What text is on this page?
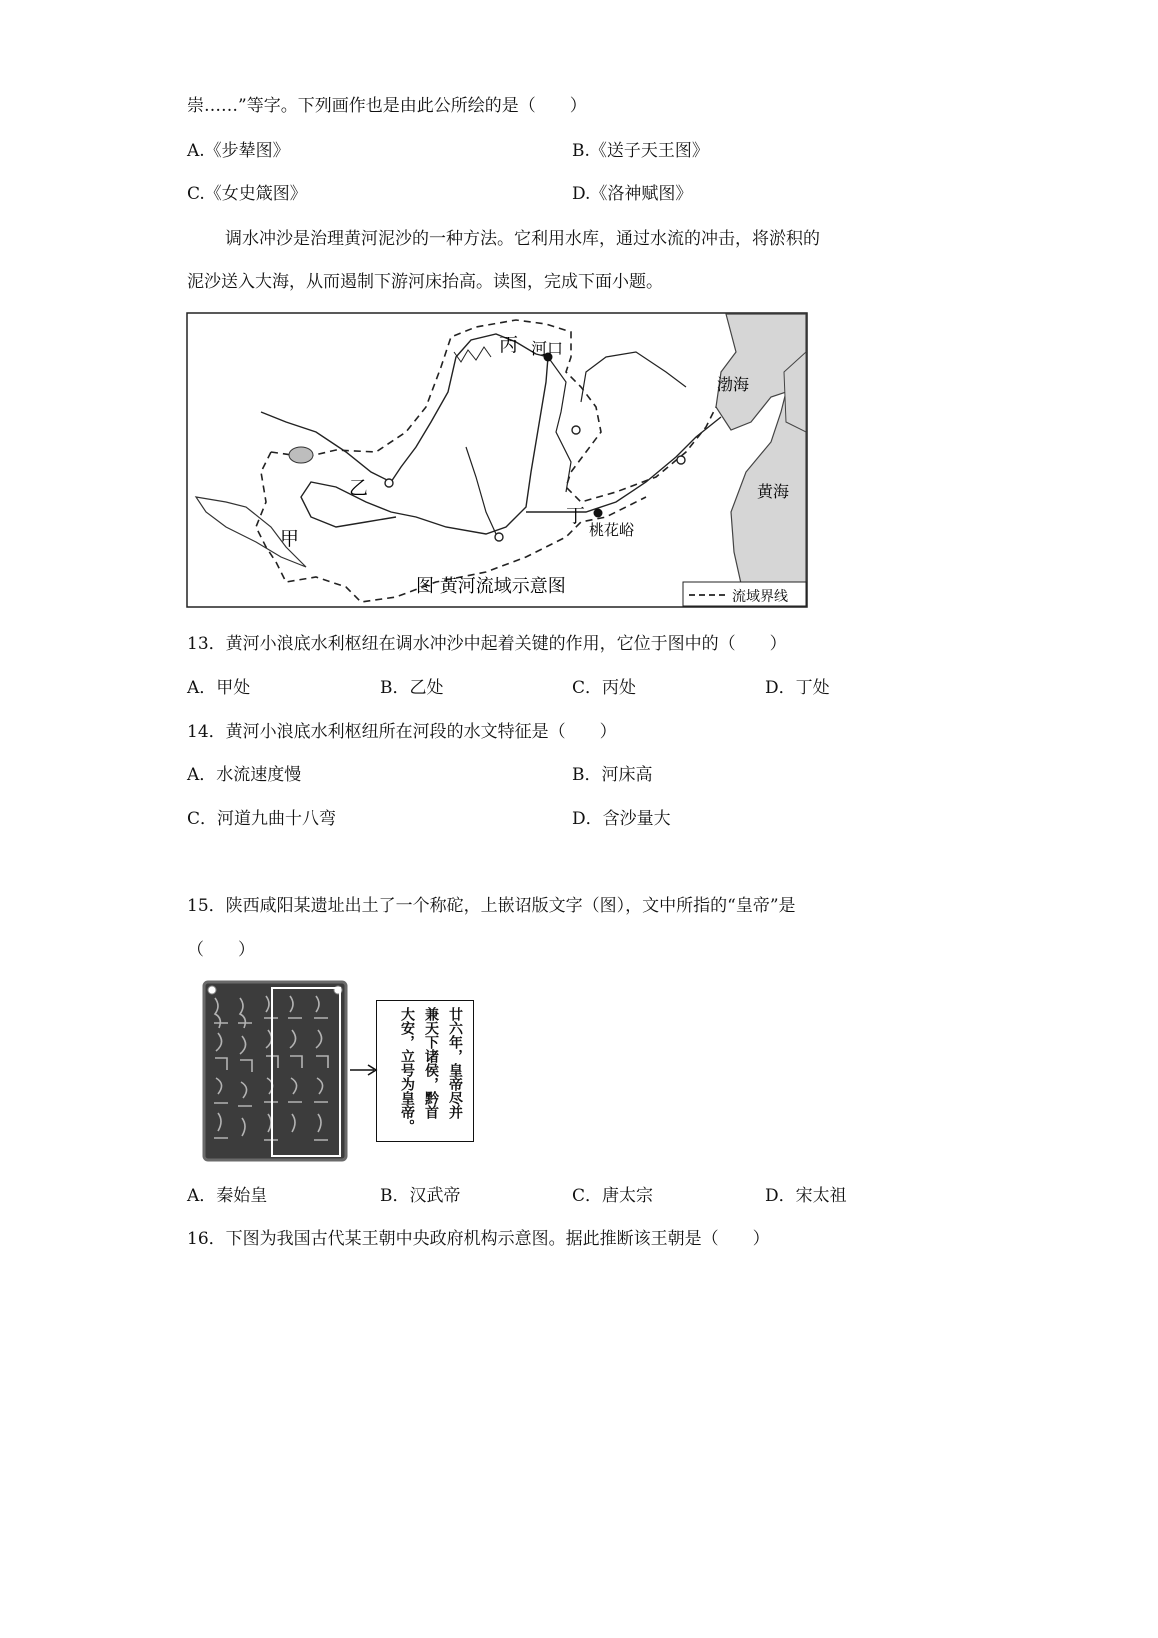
崇……”等字。下列画作也是由此公所绘的是（　　）
A.《步辇图》	B.《送子天王图》
C.《女史箴图》	D.《洛神赋图》
调水冲沙是治理黄河泥沙的一种方法。它利用水库，通过水流的冲击，将淤积的
泥沙送入大海，从而遏制下游河床抬高。读图，完成下面小题。
甲
乙
丙
丁
河口
桃花峪
渤海
黄海
图 黄河流域示意图	流域界线
13．黄河小浪底水利枢纽在调水冲沙中起着关键的作用，它位于图中的（　　）
A．甲处	B．乙处	C．丙处	D．丁处
14．黄河小浪底水利枢纽所在河段的水文特征是（　　）
A．水流速度慢	B．河床高
C．河道九曲十八弯	D．含沙量大
15．陕西咸阳某遗址出土了一个称砣，上嵌诏版文字（图），文中所指的“皇帝”是
（　　）
廿六年，皇帝尽并
兼天下诸侯，黔首
大安，立号为皇帝。
A．秦始皇	B．汉武帝	C．唐太宗	D．宋太祖
16．下图为我国古代某王朝中央政府机构示意图。据此推断该王朝是（　　）
